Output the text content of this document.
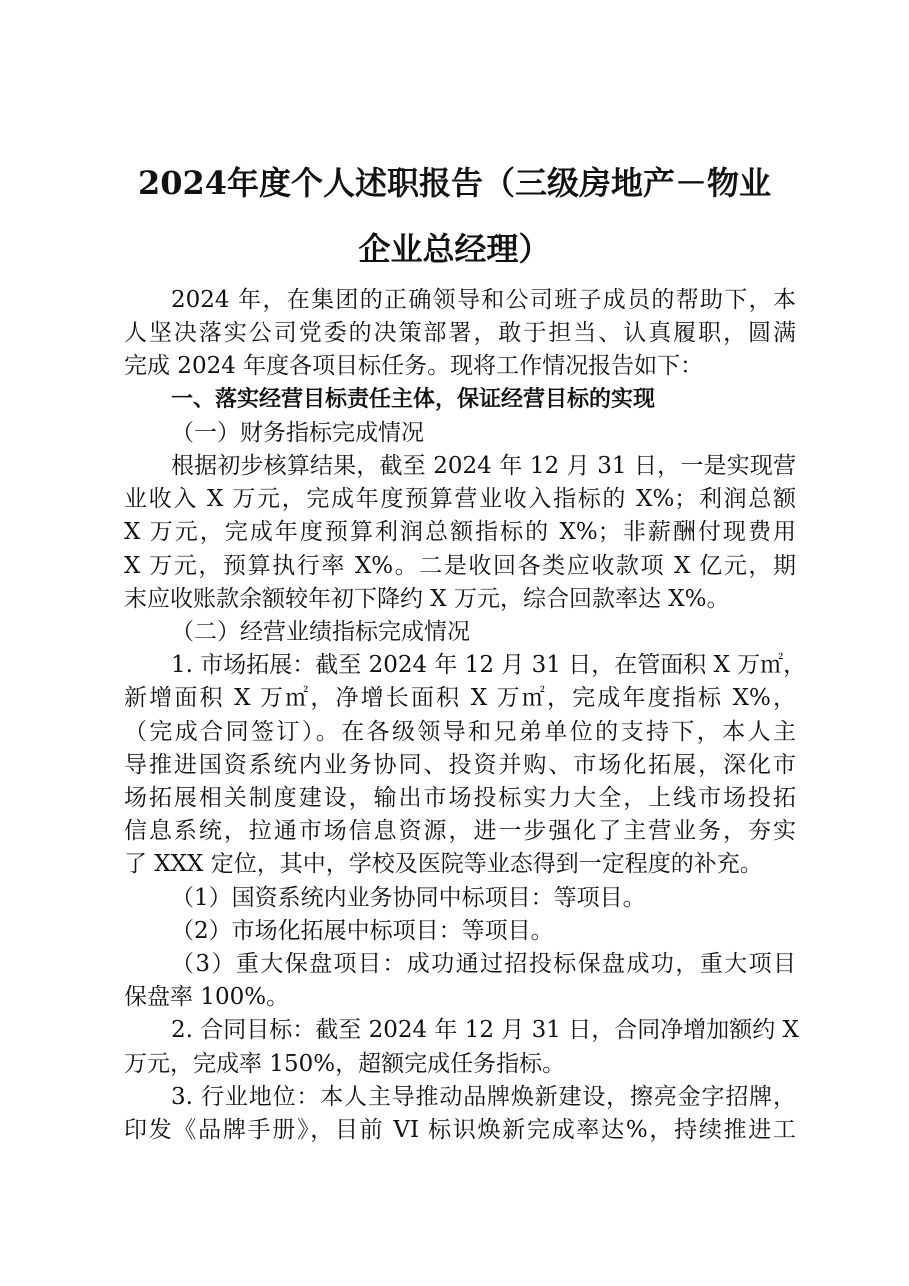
2024年度个人述职报告（三级房地产－物业
企业总经理）
2024 年，在集团的正确领导和公司班子成员的帮助下，本
人坚决落实公司党委的决策部署，敢于担当、认真履职，圆满
完成 2024 年度各项目标任务。现将工作情况报告如下：
一、落实经营目标责任主体，保证经营目标的实现
（一）财务指标完成情况
根据初步核算结果，截至 2024 年 12 月 31 日，一是实现营
业收入 X 万元，完成年度预算营业收入指标的 X%；利润总额
X 万元，完成年度预算利润总额指标的 X%；非薪酬付现费用
X 万元，预算执行率 X%。二是收回各类应收款项 X 亿元，期
末应收账款余额较年初下降约 X 万元，综合回款率达 X%。
（二）经营业绩指标完成情况
1. 市场拓展：截至 2024 年 12 月 31 日，在管面积 X 万㎡，
新增面积 X 万㎡，净增长面积 X 万㎡，完成年度指标 X%，
（完成合同签订）。在各级领导和兄弟单位的支持下，本人主
导推进国资系统内业务协同、投资并购、市场化拓展，深化市
场拓展相关制度建设，输出市场投标实力大全，上线市场投拓
信息系统，拉通市场信息资源，进一步强化了主营业务，夯实
了 XXX 定位，其中，学校及医院等业态得到一定程度的补充。
（1）国资系统内业务协同中标项目：等项目。
（2）市场化拓展中标项目：等项目。
（3）重大保盘项目：成功通过招投标保盘成功，重大项目
保盘率 100%。
2. 合同目标：截至 2024 年 12 月 31 日，合同净增加额约 X
万元，完成率 150%，超额完成任务指标。
3. 行业地位：本人主导推动品牌焕新建设，擦亮金字招牌，
印发《品牌手册》，目前 VI 标识焕新完成率达%，持续推进工
